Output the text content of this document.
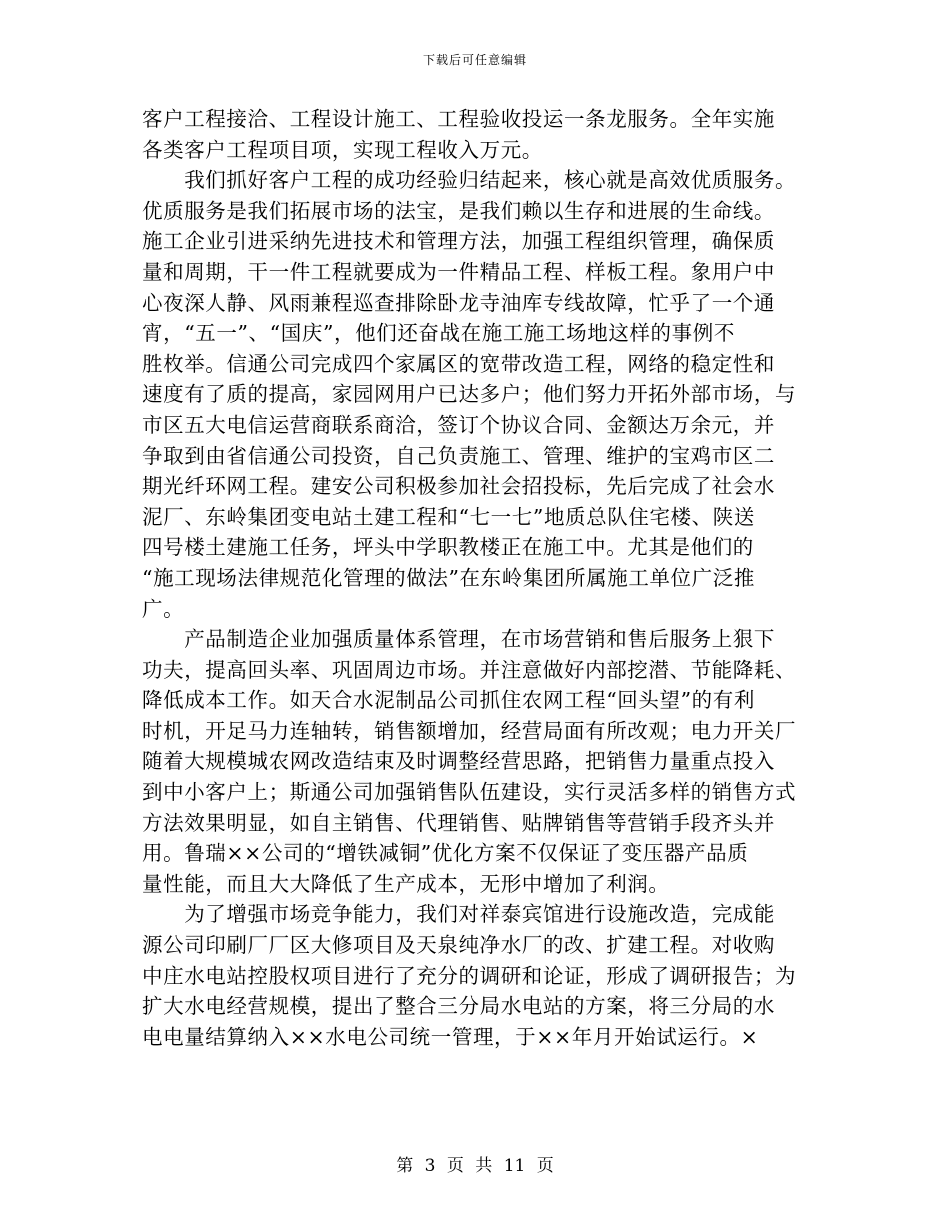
下载后可任意编辑
客户工程接洽、工程设计施工、工程验收投运一条龙服务。全年实施
各类客户工程项目项，实现工程收入万元。
　　我们抓好客户工程的成功经验归结起来，核心就是高效优质服务。
优质服务是我们拓展市场的法宝，是我们赖以生存和进展的生命线。
施工企业引进采纳先进技术和管理方法，加强工程组织管理，确保质
量和周期，干一件工程就要成为一件精品工程、样板工程。象用户中
心夜深人静、风雨兼程巡查排除卧龙寺油库专线故障，忙乎了一个通
宵，“五一”、“国庆”，他们还奋战在施工施工场地这样的事例不
胜枚举。信通公司完成四个家属区的宽带改造工程，网络的稳定性和
速度有了质的提高，家园网用户已达多户；他们努力开拓外部市场，与
市区五大电信运营商联系商洽，签订个协议合同、金额达万余元，并
争取到由省信通公司投资，自己负责施工、管理、维护的宝鸡市区二
期光纤环网工程。建安公司积极参加社会招投标，先后完成了社会水
泥厂、东岭集团变电站土建工程和“七一七”地质总队住宅楼、陕送
四号楼土建施工任务，坪头中学职教楼正在施工中。尤其是他们的
“施工现场法律规范化管理的做法”在东岭集团所属施工单位广泛推
广。
　　产品制造企业加强质量体系管理，在市场营销和售后服务上狠下
功夫，提高回头率、巩固周边市场。并注意做好内部挖潜、节能降耗、
降低成本工作。如天合水泥制品公司抓住农网工程“回头望”的有利
时机，开足马力连轴转，销售额增加，经营局面有所改观；电力开关厂
随着大规模城农网改造结束及时调整经营思路，把销售力量重点投入
到中小客户上；斯通公司加强销售队伍建设，实行灵活多样的销售方式
方法效果明显，如自主销售、代理销售、贴牌销售等营销手段齐头并
用。鲁瑞××公司的“增铁减铜”优化方案不仅保证了变压器产品质
量性能，而且大大降低了生产成本，无形中增加了利润。
　　为了增强市场竞争能力，我们对祥泰宾馆进行设施改造，完成能
源公司印刷厂厂区大修项目及天泉纯净水厂的改、扩建工程。对收购
中庄水电站控股权项目进行了充分的调研和论证，形成了调研报告；为
扩大水电经营规模，提出了整合三分局水电站的方案，将三分局的水
电电量结算纳入××水电公司统一管理，于××年月开始试运行。×
第 3 页 共 11 页
